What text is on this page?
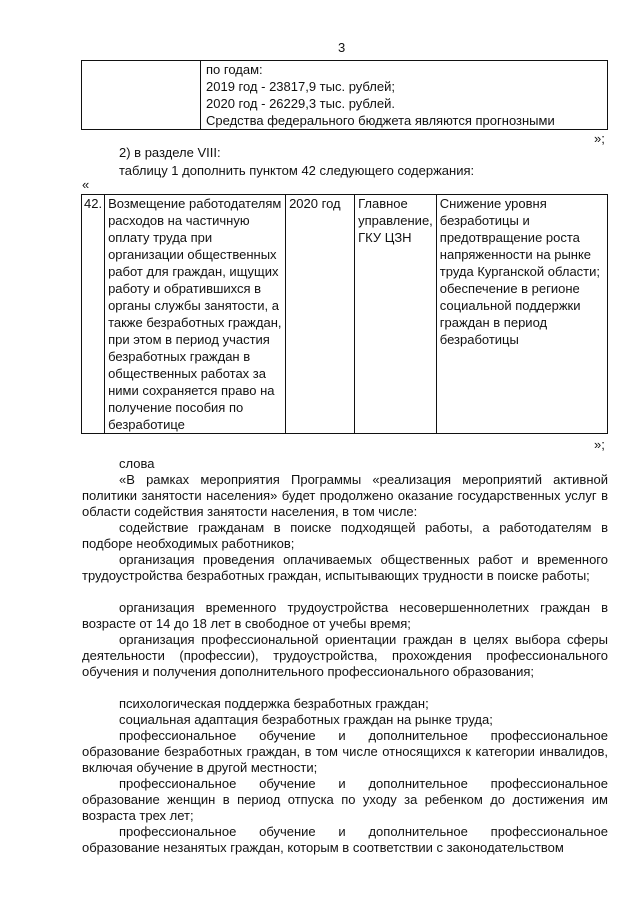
3

по годам:
2019 год - 23817,9 тыс. рублей;
2020 год - 26229,3 тыс. рублей.
Средства федерального бюджета являются прогнозными
»;
2) в разделе VIII:
таблицу 1 дополнить пунктом 42 следующего содержания:
«
42.	Возмещение работодателям расходов на частичную оплату труда при организации общественных работ для граждан, ищущих работу и обратившихся в органы службы занятости, а также безработных граждан, при этом в период участия безработных граждан в общественных работах за ними сохраняется право на получение пособия по безработице	2020 год	Главное управление, ГКУ ЦЗН	Снижение уровня безработицы и предотвращение роста напряженности на рынке труда Курганской области; обеспечение в регионе социальной поддержки граждан в период безработицы
»;
слова
«В рамках мероприятия Программы «реализация мероприятий активной политики занятости населения» будет продолжено оказание государственных услуг в области содействия занятости населения, в том числе:
содействие гражданам в поиске подходящей работы, а работодателям в подборе необходимых работников;
организация проведения оплачиваемых общественных работ и временного трудоустройства безработных граждан, испытывающих трудности в поиске работы;
организация временного трудоустройства несовершеннолетних граждан в возрасте от 14 до 18 лет в свободное от учебы время;
организация профессиональной ориентации граждан в целях выбора сферы деятельности (профессии), трудоустройства, прохождения профессионального обучения и получения дополнительного профессионального образования;
психологическая поддержка безработных граждан;
социальная адаптация безработных граждан на рынке труда;
профессиональное обучение и дополнительное профессиональное образование безработных граждан, в том числе относящихся к категории инвалидов, включая обучение в другой местности;
профессиональное обучение и дополнительное профессиональное образование женщин в период отпуска по уходу за ребенком до достижения им возраста трех лет;
профессиональное обучение и дополнительное профессиональное образование незанятых граждан, которым в соответствии с законодательством
